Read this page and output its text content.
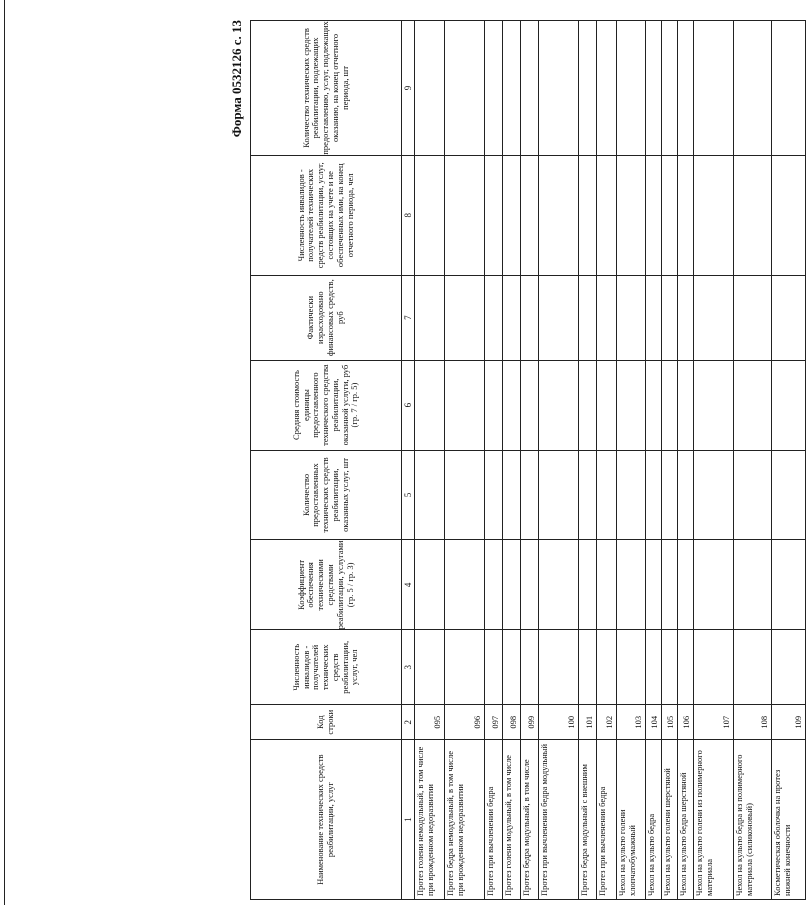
Форма 0532126 с. 13
Наименование технических средств реабилитации, услуг	Код строки	Численность инвалидов - получателей технических средств реабилитации, услуг, чел	Коэффициент обеспечения техническими средствами реабилитации, услугами (гр. 5 / гр. 3)	Количество предоставленных технических средств реабилитации, оказанных услуг, шт	Средняя стоимость единицы предоставленного технического средства реабилитации, оказанной услуги, руб (гр. 7 / гр. 5)	Фактически израсходовано финансовых средств, руб	Численность инвалидов - получателей технических средств реабилитации, услуг, состоящих на учете и не обеспеченных ими, на конец отчетного периода, чел	Количество технических средств реабилитации, подлежащих предоставлению, услуг, подлежащих оказанию, на конец отчетного периода, шт
1	2	3	4	5	6	7	8	9
Протез голени немодульный, в том числе при врожденном недоразвитии	095							
Протез бедра немодульный, в том числе при врожденном недоразвитии	096							
Протез при вычленении бедра	097							
Протез голени модульный, в том числе	098							
Протез бедра модульный, в том числе	099							
Протез при вычленении бедра модульный	100							
Протез бедра модульный с внешним	101							
Протез при вычленении бедра	102							
Чехол на культю голени хлопчатобумажный	103							
Чехол на культю бедра	104							
Чехол на культю голени шерстяной	105							
Чехол на культю бедра шерстяной	106							
Чехол на культю голени из полимерного материала	107							
Чехол на культю бедра из полимерного материала (силиконовый)	108							
Косметическая оболочка на протез нижней конечности	109							
